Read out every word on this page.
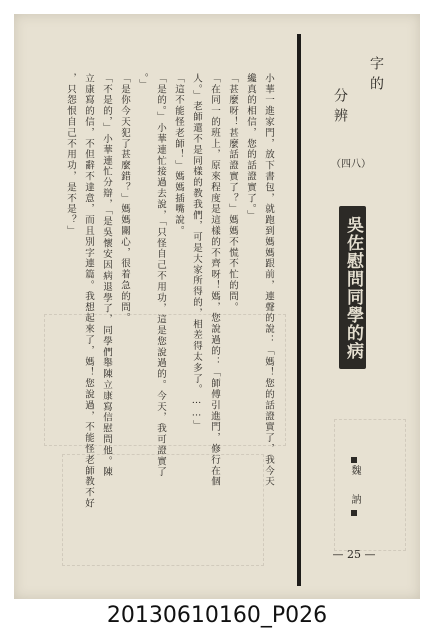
小華一進家門，放下書包，就跑到媽媽跟前，連聲的說：「媽！您的話證實了，我今天
纔真的相信，您的話證實了。」
「甚麼呀！甚麼話證實了？」媽媽不慌不忙的問。
「在同一的班上，原來程度是這樣的不齊呀！媽，您說過的：「師傅引進門，修行在個
人。」老師還不是同樣的教我們，可是大家所得的，相差得太多了。……」
「這不能怪老師！」媽媽插嘴說。
「是的。」小華連忙接過去說，「只怪自己不用功，這是您說過的。今天，我可證實了
。」
「是你今天犯了甚麼錯？」媽媽關心，很着急的問。
「不是的，」小華連忙分辯，「是吳懷安因病退學了，同學們舉陳立康寫信慰問他。陳
立康寫的信，不但辭不達意，而且別字連篇。我想起來了，媽！您說過，不能怪老師教不好
，只怨恨自己不用功，是不是？」
字的
分辨
（四八）
吳佐慰問同學的病
魏 訥
— 25 —
20130610160_P026
